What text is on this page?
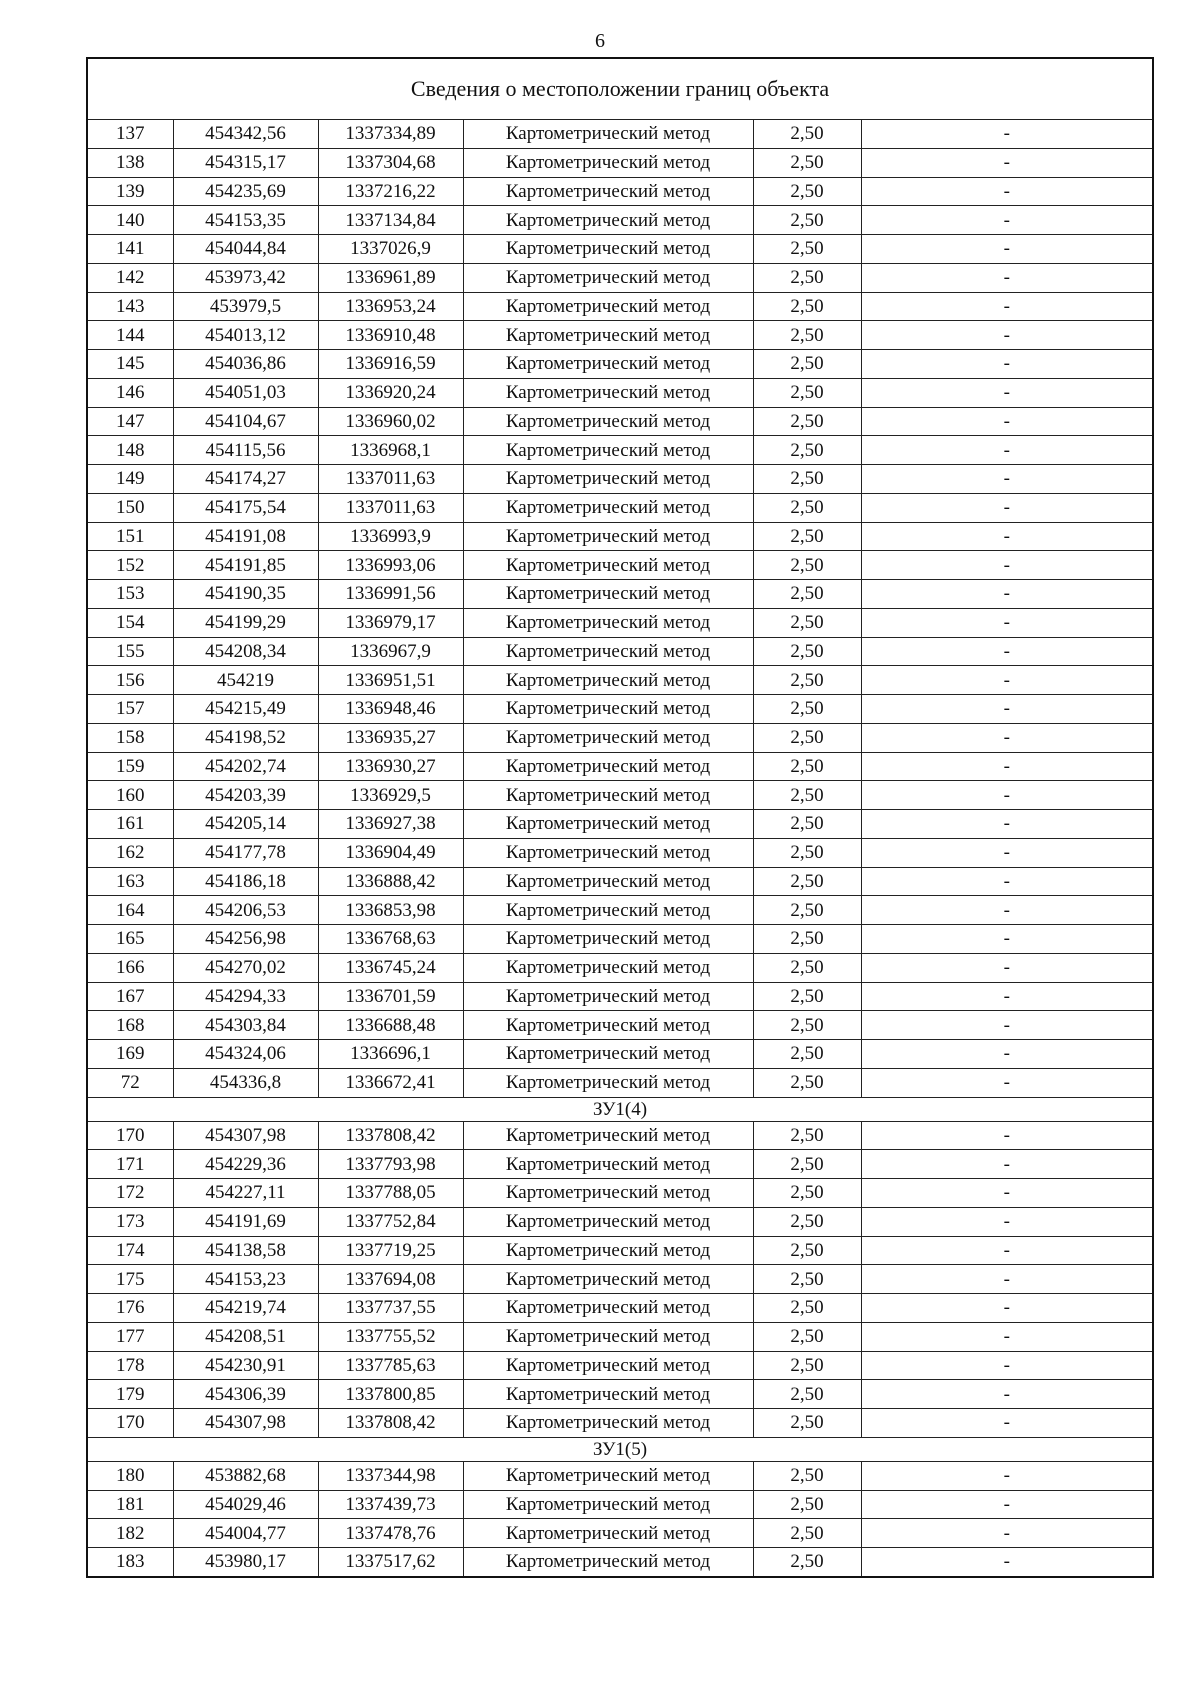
6
Сведения о местоположении границ объекта					
137	454342,56	1337334,89	Картометрический метод	2,50	-
138	454315,17	1337304,68	Картометрический метод	2,50	-
139	454235,69	1337216,22	Картометрический метод	2,50	-
140	454153,35	1337134,84	Картометрический метод	2,50	-
141	454044,84	1337026,9	Картометрический метод	2,50	-
142	453973,42	1336961,89	Картометрический метод	2,50	-
143	453979,5	1336953,24	Картометрический метод	2,50	-
144	454013,12	1336910,48	Картометрический метод	2,50	-
145	454036,86	1336916,59	Картометрический метод	2,50	-
146	454051,03	1336920,24	Картометрический метод	2,50	-
147	454104,67	1336960,02	Картометрический метод	2,50	-
148	454115,56	1336968,1	Картометрический метод	2,50	-
149	454174,27	1337011,63	Картометрический метод	2,50	-
150	454175,54	1337011,63	Картометрический метод	2,50	-
151	454191,08	1336993,9	Картометрический метод	2,50	-
152	454191,85	1336993,06	Картометрический метод	2,50	-
153	454190,35	1336991,56	Картометрический метод	2,50	-
154	454199,29	1336979,17	Картометрический метод	2,50	-
155	454208,34	1336967,9	Картометрический метод	2,50	-
156	454219	1336951,51	Картометрический метод	2,50	-
157	454215,49	1336948,46	Картометрический метод	2,50	-
158	454198,52	1336935,27	Картометрический метод	2,50	-
159	454202,74	1336930,27	Картометрический метод	2,50	-
160	454203,39	1336929,5	Картометрический метод	2,50	-
161	454205,14	1336927,38	Картометрический метод	2,50	-
162	454177,78	1336904,49	Картометрический метод	2,50	-
163	454186,18	1336888,42	Картометрический метод	2,50	-
164	454206,53	1336853,98	Картометрический метод	2,50	-
165	454256,98	1336768,63	Картометрический метод	2,50	-
166	454270,02	1336745,24	Картометрический метод	2,50	-
167	454294,33	1336701,59	Картометрический метод	2,50	-
168	454303,84	1336688,48	Картометрический метод	2,50	-
169	454324,06	1336696,1	Картометрический метод	2,50	-
72	454336,8	1336672,41	Картометрический метод	2,50	-
ЗУ1(4)					
170	454307,98	1337808,42	Картометрический метод	2,50	-
171	454229,36	1337793,98	Картометрический метод	2,50	-
172	454227,11	1337788,05	Картометрический метод	2,50	-
173	454191,69	1337752,84	Картометрический метод	2,50	-
174	454138,58	1337719,25	Картометрический метод	2,50	-
175	454153,23	1337694,08	Картометрический метод	2,50	-
176	454219,74	1337737,55	Картометрический метод	2,50	-
177	454208,51	1337755,52	Картометрический метод	2,50	-
178	454230,91	1337785,63	Картометрический метод	2,50	-
179	454306,39	1337800,85	Картометрический метод	2,50	-
170	454307,98	1337808,42	Картометрический метод	2,50	-
ЗУ1(5)					
180	453882,68	1337344,98	Картометрический метод	2,50	-
181	454029,46	1337439,73	Картометрический метод	2,50	-
182	454004,77	1337478,76	Картометрический метод	2,50	-
183	453980,17	1337517,62	Картометрический метод	2,50	-
